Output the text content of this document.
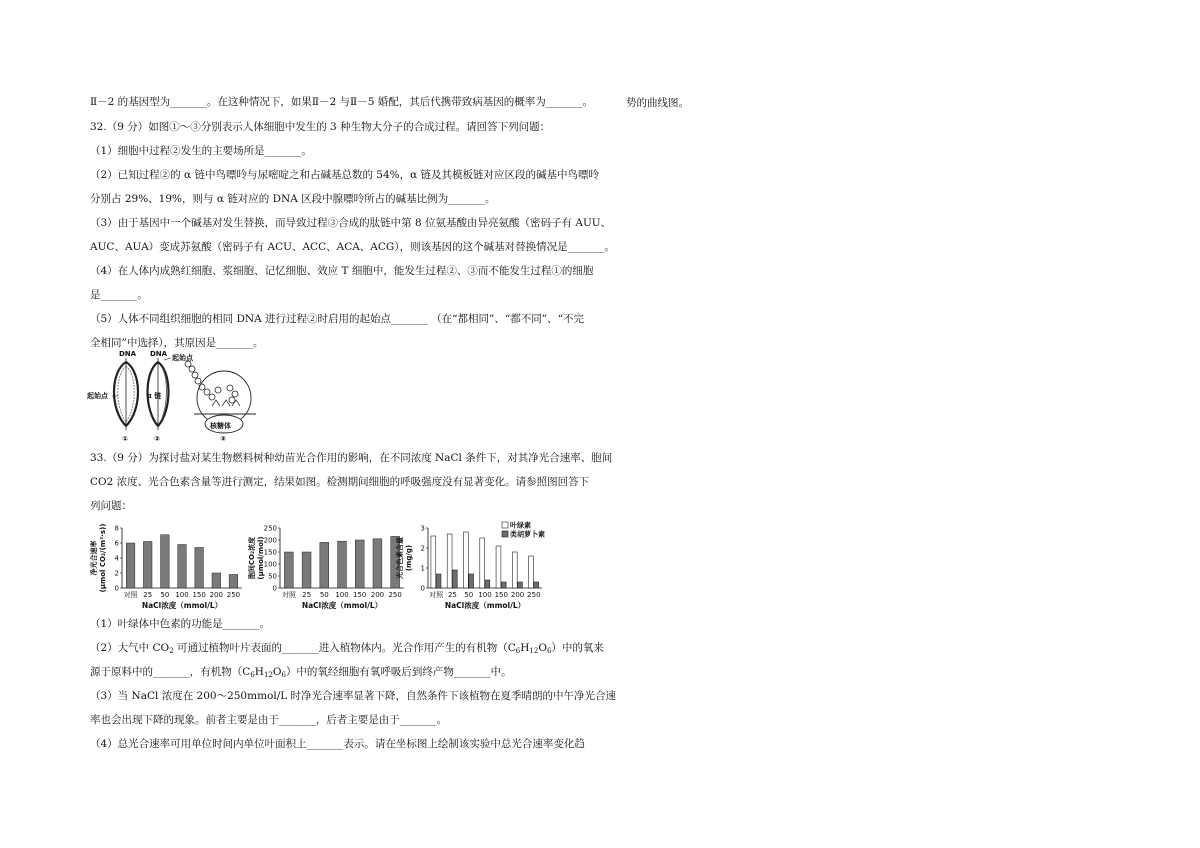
势的曲线图。
Ⅱ－2 的基因型为_______。在这种情况下，如果Ⅱ－2 与Ⅱ－5 婚配，其后代携带致病基因的概率为_______。
32.（9 分）如图①～③分别表示人体细胞中发生的 3 种生物大分子的合成过程。请回答下列问题：
（1）细胞中过程②发生的主要场所是_______。
（2）已知过程②的 α 链中鸟嘌呤与尿嘧啶之和占碱基总数的 54%，α 链及其模板链对应区段的碱基中鸟嘌呤
分别占 29%、19%，则与 α 链对应的 DNA 区段中腺嘌呤所占的碱基比例为_______。
（3）由于基因中一个碱基对发生替换，而导致过程③合成的肽链中第 8 位氨基酸由异亮氨酸（密码子有 AUU、
AUC、AUA）变成苏氨酸（密码子有 ACU、ACC、ACA、ACG），则该基因的这个碱基对替换情况是_______。
（4）在人体内成熟红细胞、浆细胞、记忆细胞、效应 T 细胞中，能发生过程②、③而不能发生过程①的细胞
是_______。
（5）人体不同组织细胞的相同 DNA 进行过程②时启用的起始点_______ （在“都相同”、“都不同”、“不完
全相同”中选择），其原因是_______。
DNA
起始点
①
DNA 起始点
α 链
②
核糖体
③
33.（9 分）为探讨盐对某生物燃料树种幼苗光合作用的影响，在不同浓度 NaCl 条件下，对其净光合速率、胞间
CO2 浓度、光合色素含量等进行测定，结果如图。检测期间细胞的呼吸强度没有显著变化。请参照图回答下
列问题：
0
2
4
6
8
对照 25 50 100 150 200 250
NaCl浓度（mmol/L）
净光合速率 (μmol CO₂/(m²·s))	0
50
100
150
200
250
对照 25 50 100 150 200 250
NaCl浓度（mmol/L）
胞间CO₂浓度 (μmol/mol)
0
1
2
3
对照 25 50 100 150 200 250
叶绿素
类胡萝卜素
NaCl浓度（mmol/L）
光合色素含量 (mg/g)
（1）叶绿体中色素的功能是_______。
（2）大气中 $CO_2$ 可通过植物叶片表面的_______进入植物体内。光合作用产生的有机物$(C_6H_{12}O_6)$中的氧来
源于原料中的_______，有机物$(C_6H_{12}O_6)$中的氧经细胞有氧呼吸后到终产物_______中。
（3）当 NaCl 浓度在 200～250mmol/L 时净光合速率显著下降，自然条件下该植物在夏季晴朗的中午净光合速
率也会出现下降的现象。前者主要是由于_______，后者主要是由于_______。
（4）总光合速率可用单位时间内单位叶面积上_______表示。请在坐标图上绘制该实验中总光合速率变化趋
